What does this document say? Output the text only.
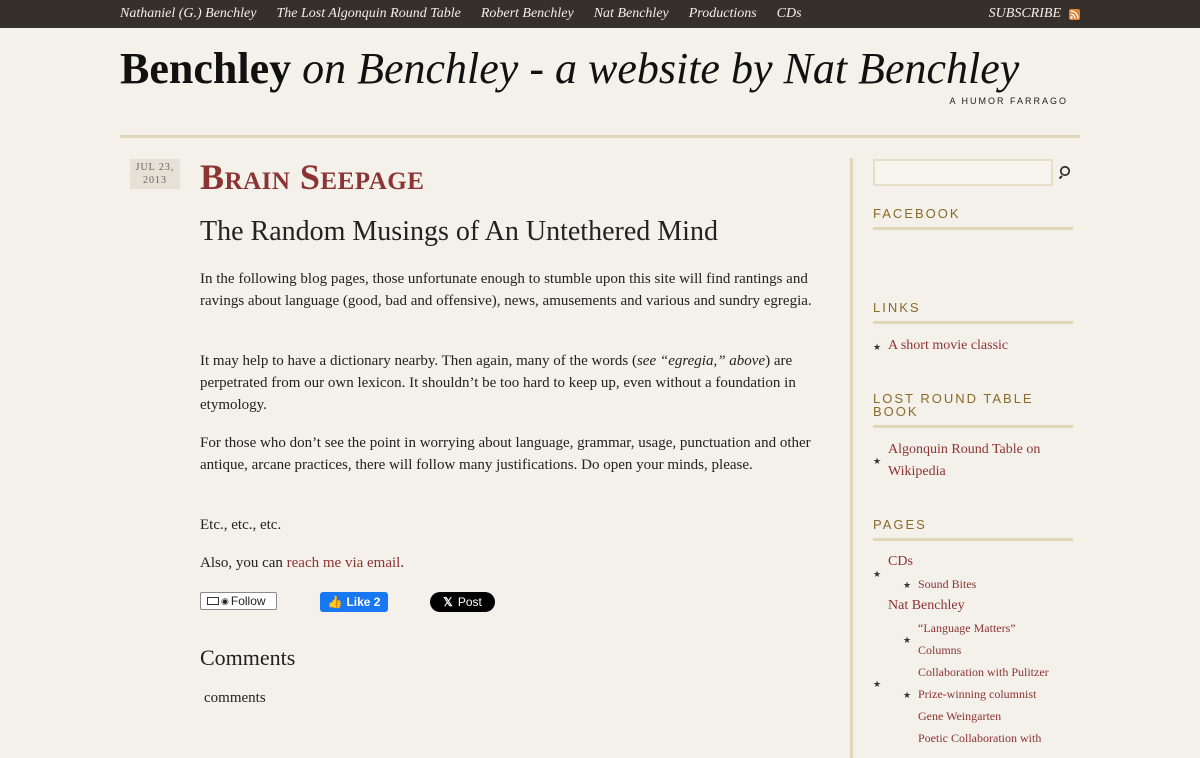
Nathaniel (G.) Benchley The Lost Algonquin Round Table Robert Benchley Nat Benchley Productions CDs	SUBSCRIBE
Benchley on Benchley - a website by Nat Benchley
A HUMOR FARRAGO
JUL 23,
2013 Brain Seepage
The Random Musings of An Untethered Mind
In the following blog pages, those unfortunate enough to stumble upon this site will find rantings and ravings about language (good, bad and offensive), news, amusements and various and sundry egregia.
It may help to have a dictionary nearby. Then again, many of the words (see “egregia,” above) are perpetrated from our own lexicon. It shouldn’t be too hard to keep up, even without a foundation in etymology.
For those who don’t see the point in worrying about language, grammar, usage, punctuation and other antique, arcane practices, there will follow many justifications. Do open your minds, please.
Etc., etc., etc.
Also, you can reach me via email.
◉ Follow	👍 Like 2	𝕏 Post
Comments
comments
FACEBOOK
LINKS
★ A short movie classic
LOST ROUND TABLE
BOOK
★
Algonquin Round Table on
Wikipedia
PAGES
★
CDs
★ Sound Bites
Nat Benchley
★
“Language Matters”
Columns
★
Collaboration with Pulitzer
★ Prize-winning columnist
Gene Weingarten
Poetic Collaboration with
